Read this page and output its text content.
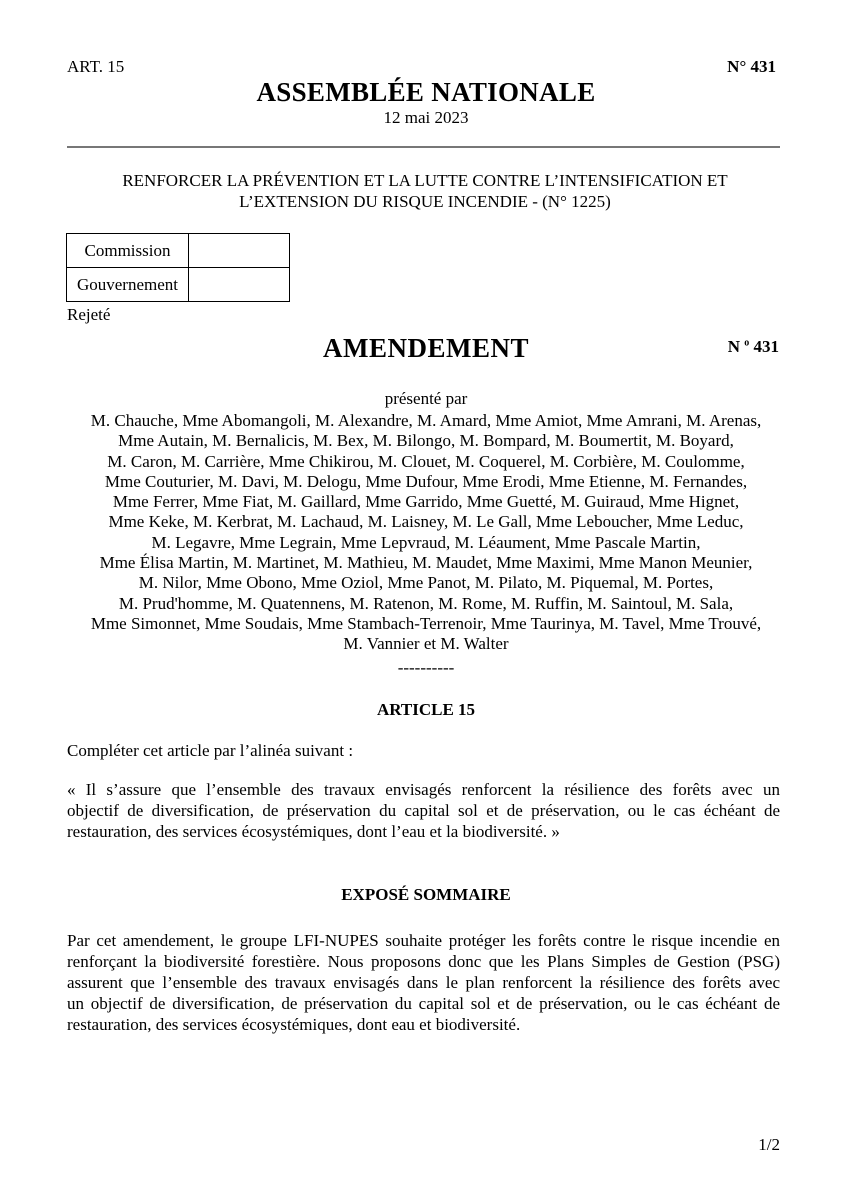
ART. 15	N° 431
ASSEMBLÉE NATIONALE
12 mai 2023
RENFORCER LA PRÉVENTION ET LA LUTTE CONTRE L’INTENSIFICATION ET
L’EXTENSION DU RISQUE INCENDIE - (N° 1225)
Commission	
Gouvernement	
Rejeté
AMENDEMENT	N $^o$ 431
présenté par
M. Chauche, Mme Abomangoli, M. Alexandre, M. Amard, Mme Amiot, Mme Amrani, M. Arenas,
Mme Autain, M. Bernalicis, M. Bex, M. Bilongo, M. Bompard, M. Boumertit, M. Boyard,
M. Caron, M. Carrière, Mme Chikirou, M. Clouet, M. Coquerel, M. Corbière, M. Coulomme,
Mme Couturier, M. Davi, M. Delogu, Mme Dufour, Mme Erodi, Mme Etienne, M. Fernandes,
Mme Ferrer, Mme Fiat, M. Gaillard, Mme Garrido, Mme Guetté, M. Guiraud, Mme Hignet,
Mme Keke, M. Kerbrat, M. Lachaud, M. Laisney, M. Le Gall, Mme Leboucher, Mme Leduc,
M. Legavre, Mme Legrain, Mme Lepvraud, M. Léaument, Mme Pascale Martin,
Mme Élisa Martin, M. Martinet, M. Mathieu, M. Maudet, Mme Maximi, Mme Manon Meunier,
M. Nilor, Mme Obono, Mme Oziol, Mme Panot, M. Pilato, M. Piquemal, M. Portes,
M. Prud'homme, M. Quatennens, M. Ratenon, M. Rome, M. Ruffin, M. Saintoul, M. Sala,
Mme Simonnet, Mme Soudais, Mme Stambach-Terrenoir, Mme Taurinya, M. Tavel, Mme Trouvé,
M. Vannier et M. Walter
----------
ARTICLE 15
Compléter cet article par l’alinéa suivant :
« Il s’assure que l’ensemble des travaux envisagés renforcent la résilience des forêts avec un
objectif de diversification, de préservation du capital sol et de préservation, ou le cas échéant de
restauration, des services écosystémiques, dont l’eau et la biodiversité. »
EXPOSÉ SOMMAIRE
Par cet amendement, le groupe LFI-NUPES souhaite protéger les forêts contre le risque incendie en
renforçant la biodiversité forestière. Nous proposons donc que les Plans Simples de Gestion (PSG)
assurent que l’ensemble des travaux envisagés dans le plan renforcent la résilience des forêts avec
un objectif de diversification, de préservation du capital sol et de préservation, ou le cas échéant de
restauration, des services écosystémiques, dont eau et biodiversité.
1/2
